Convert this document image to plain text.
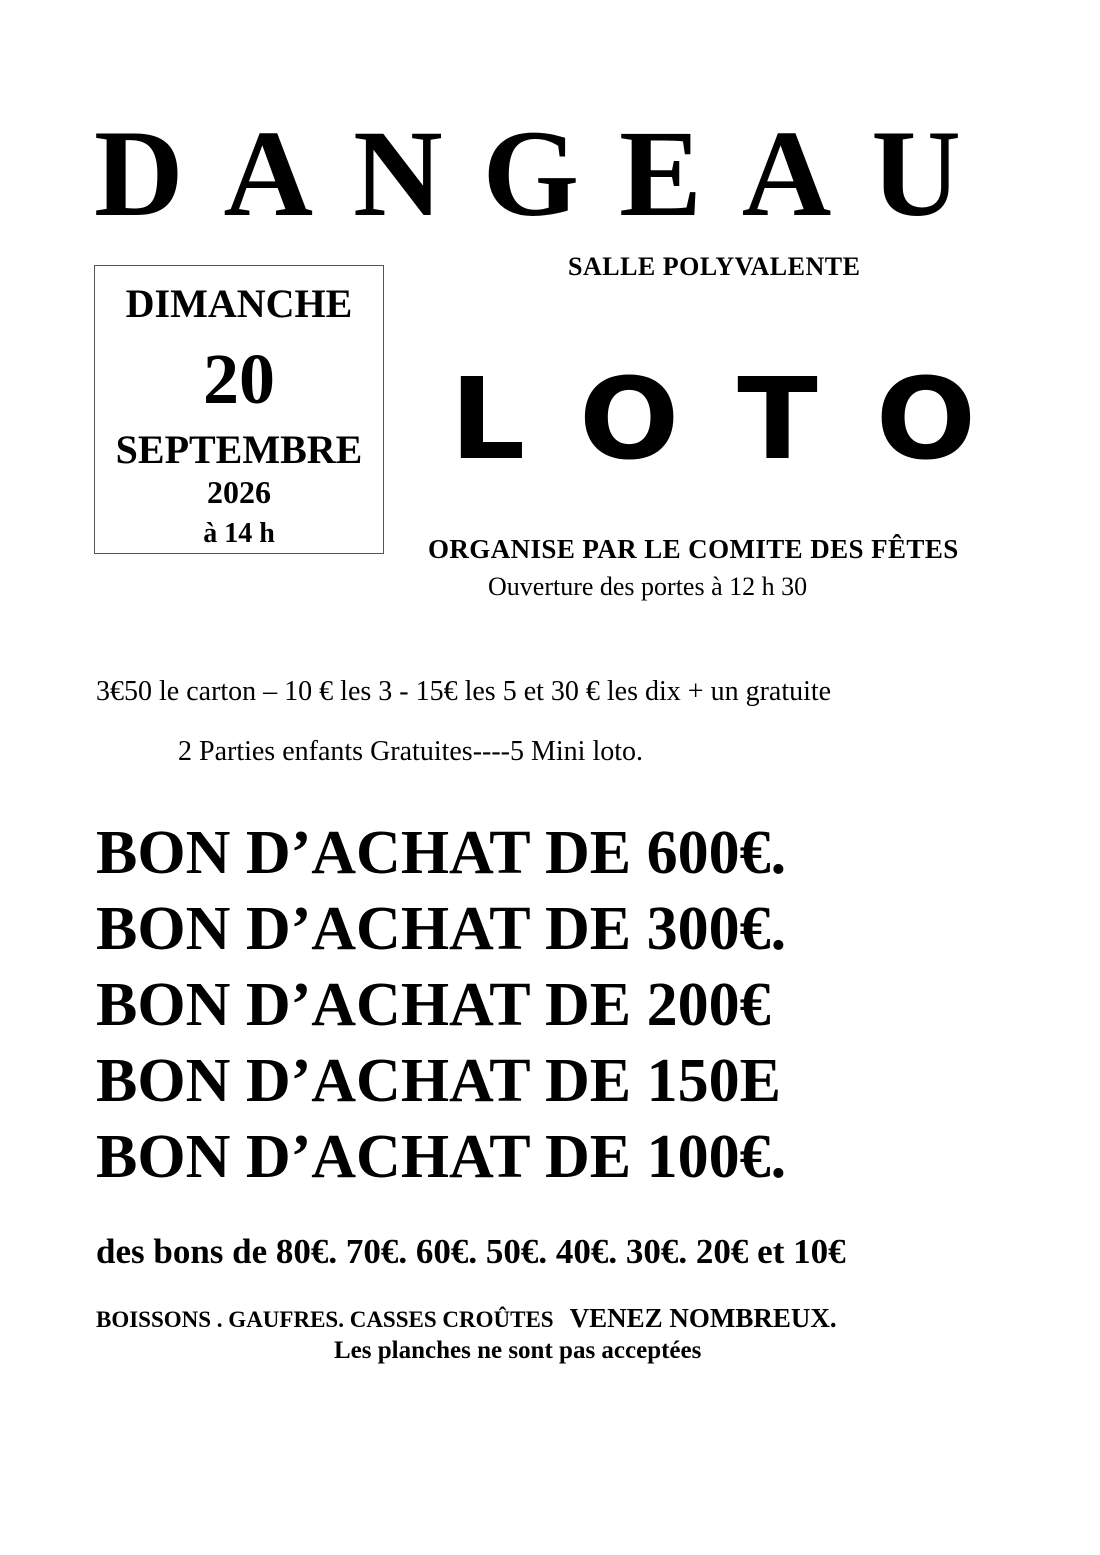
DANGEAU
SALLE POLYVALENTE
DIMANCHE
20
SEPTEMBRE
2026
à 14 h
LOTO
ORGANISE PAR LE COMITE DES FÊTES
Ouverture des portes à 12 h 30
3€50 le carton – 10 € les 3 - 15€ les 5 et 30 € les dix + un gratuite
2 Parties enfants Gratuites----5 Mini loto.
BON D’ACHAT DE 600€.
BON D’ACHAT DE 300€.
BON D’ACHAT DE 200€
BON D’ACHAT DE 150E
BON D’ACHAT DE 100€.
des bons de 80€. 70€. 60€. 50€. 40€. 30€. 20€ et 10€
BOISSONS . GAUFRES. CASSES CROÛTES VENEZ NOMBREUX.
Les planches ne sont pas acceptées
